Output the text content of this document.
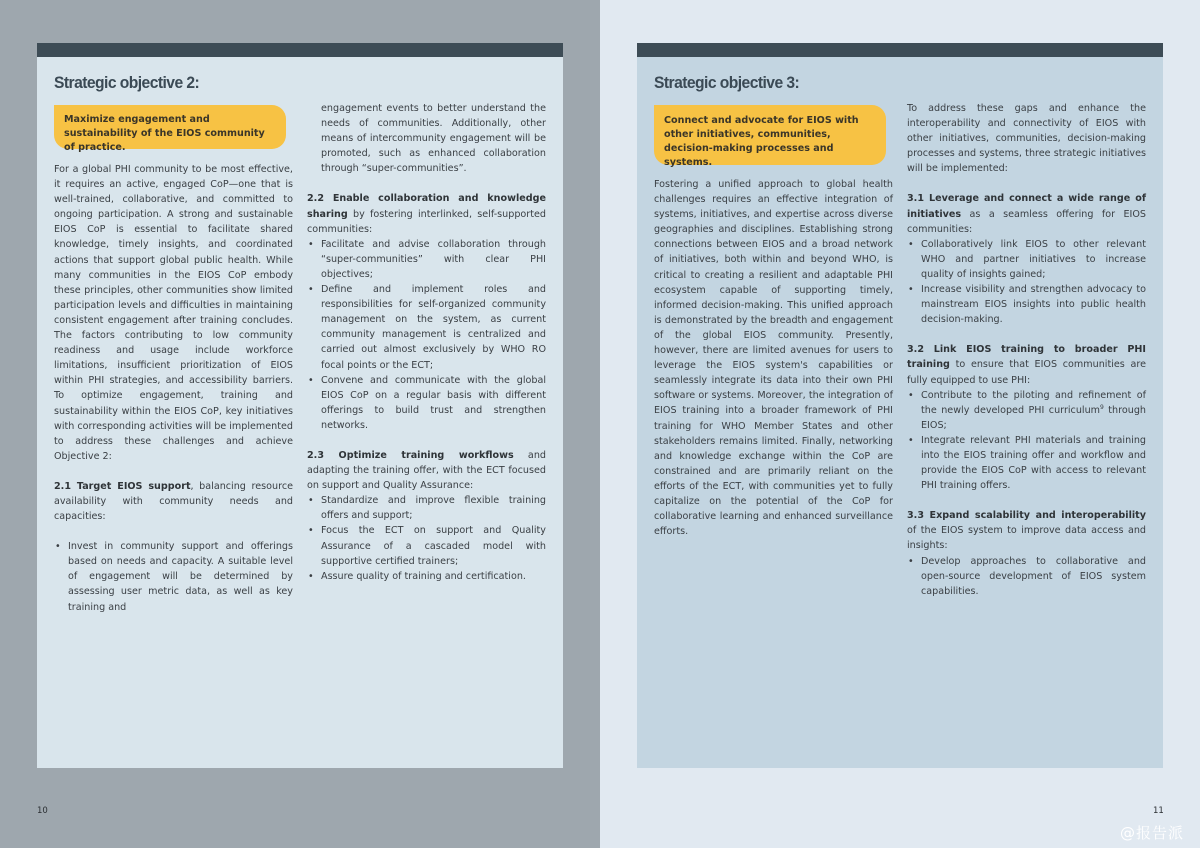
Strategic objective 2:
Maximize engagement and sustainability of the EIOS community of practice.

For a global PHI community to be most effective, it requires an active, engaged CoP—one that is well-trained, collaborative, and committed to ongoing participation. A strong and sustainable EIOS CoP is essential to facilitate shared knowledge, timely insights, and coordinated actions that support global public health. While many communities in the EIOS CoP embody these principles, other communities show limited participation levels and difficulties in maintaining consistent engagement after training concludes. The factors contributing to low community readiness and usage include workforce limitations, insufficient prioritization of EIOS within PHI strategies, and accessibility barriers. To optimize engagement, training and sustainability within the EIOS CoP, key initiatives with corresponding activities will be implemented to address these challenges and achieve Objective 2:

2.1 Target EIOS support, balancing resource availability with community needs and capacities:

• Invest in community support and offerings based on needs and capacity. A suitable level of engagement will be determined by assessing user metric data, as well as key training and
engagement events to better understand the needs of communities. Additionally, other means of intercommunity engagement will be promoted, such as enhanced collaboration through “super-communities”.

2.2 Enable collaboration and knowledge sharing by fostering interlinked, self-supported communities:

• Facilitate and advise collaboration through “super-communities” with clear PHI objectives;
• Define and implement roles and responsibilities for self-organized community management on the system, as current community management is centralized and carried out almost exclusively by WHO RO focal points or the ECT;
• Convene and communicate with the global EIOS CoP on a regular basis with different offerings to build trust and strengthen networks.

2.3 Optimize training workflows and adapting the training offer, with the ECT focused on support and Quality Assurance:

• Standardize and improve flexible training offers and support;
• Focus the ECT on support and Quality Assurance of a cascaded model with supportive certified trainers;
• Assure quality of training and certification.
10
Strategic objective 3:
Connect and advocate for EIOS with other initiatives, communities, decision-making processes and systems.

Fostering a unified approach to global health challenges requires an effective integration of systems, initiatives, and expertise across diverse geographies and disciplines. Establishing strong connections between EIOS and a broad network of initiatives, both within and beyond WHO, is critical to creating a resilient and adaptable PHI ecosystem capable of supporting timely, informed decision-making. This unified approach is demonstrated by the breadth and engagement of the global EIOS community. Presently, however, there are limited avenues for users to leverage the EIOS system's capabilities or seamlessly integrate its data into their own PHI software or systems. Moreover, the integration of EIOS training into a broader framework of PHI training for WHO Member States and other stakeholders remains limited. Finally, networking and knowledge exchange within the CoP are constrained and are primarily reliant on the efforts of the ECT, with communities yet to fully capitalize on the potential of the CoP for collaborative learning and enhanced surveillance efforts.

To address these gaps and enhance the interoperability and connectivity of EIOS with other initiatives, communities, decision-making processes and systems, three strategic initiatives will be implemented:

3.1 Leverage and connect a wide range of initiatives as a seamless offering for EIOS communities:

• Collaboratively link EIOS to other relevant WHO and partner initiatives to increase quality of insights gained;
• Increase visibility and strengthen advocacy to mainstream EIOS insights into public health decision-making.

3.2 Link EIOS training to broader PHI training to ensure that EIOS communities are fully equipped to use PHI:

• Contribute to the piloting and refinement of the newly developed PHI curriculum$^9$ through EIOS;
• Integrate relevant PHI materials and training into the EIOS training offer and workflow and provide the EIOS CoP with access to relevant PHI training offers.

3.3 Expand scalability and interoperability of the EIOS system to improve data access and insights:

• Develop approaches to collaborative and open-source development of EIOS system capabilities.
11
@报告派
